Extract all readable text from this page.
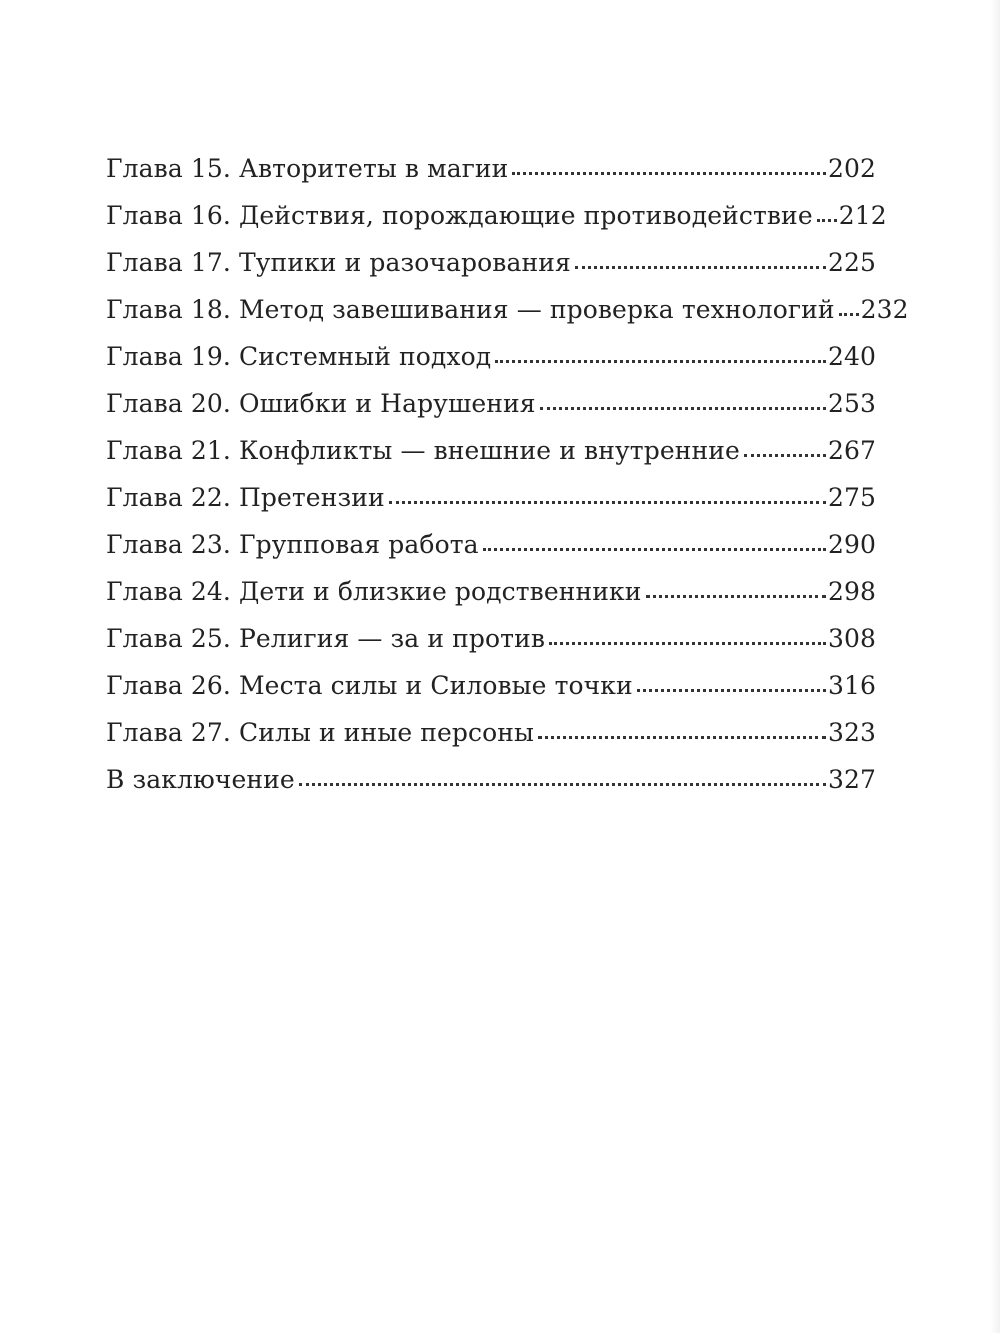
Глава 15. Авторитеты в магии	202
Глава 16. Действия, порождающие противодействие 212
Глава 17. Тупики и разочарования	225
Глава 18. Метод завешивания — проверка технологий 232
Глава 19. Системный подход	240
Глава 20. Ошибки и Нарушения	253
Глава 21. Конфликты — внешние и внутренние	267
Глава 22. Претензии	275
Глава 23. Групповая работа	290
Глава 24. Дети и близкие родственники	298
Глава 25. Религия — за и против	308
Глава 26. Места силы и Силовые точки	316
Глава 27. Силы и иные персоны	323
В заключение	327
